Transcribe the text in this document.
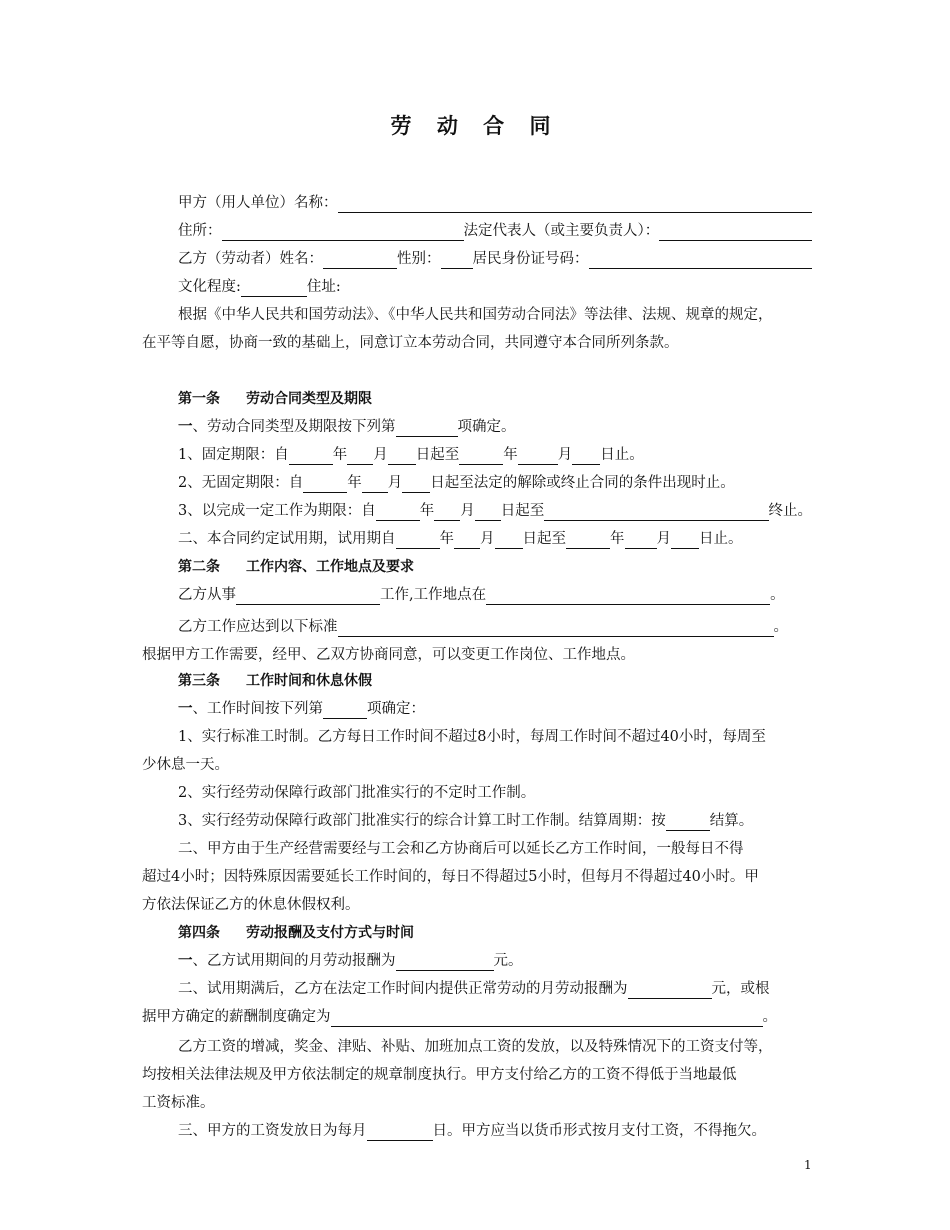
劳 动 合 同
甲方（用人单位）名称：
住所：	法定代表人（或主要负责人）：
乙方（劳动者）姓名：	性别： 居民身份证号码：
文化程度:	住址:
根据《中华人民共和国劳动法》、《中华人民共和国劳动合同法》等法律、法规、规章的规定，
在平等自愿，协商一致的基础上，同意订立本劳动合同，共同遵守本合同所列条款。
第一条 劳动合同类型及期限
一 、劳动合同类型及期限按下列第	项确定。
1、固定期限：自	年 月 日起至	年	月 日止。
2、无固定期限：自	年 月 日起至法定的解除或终止合同的条件出现时止。
3、以完成一定工作为期限：自	年 月 日起至	终止。
二、本合同约定试用期，试用期自	年 月 日起至	年 月 日止。
第二条 工作内容、工作地点及要求
乙方从事	工作,工作地点在	。
乙方工作应达到以下标准	。
根据甲方工作需要，经甲、乙双方协商同意，可以变更工作岗位、工作地点。
第三条 工作时间和休息休假
一 、工作时间按下列第	项确定：
1、实行标准工时制。乙方每日工作时间不超过8小时，每周工作时间不超过40小时，每周至
少休息一天。
2、实行经劳动保障行政部门批准实行的不定时工作制。
3、实行经劳动保障行政部门批准实行的综合计算工时工作制。结算周期：按	结算。
二、甲方由于生产经营需要经与工会和乙方协商后可以延长乙方工作时间，一般每日不得
超过4小时；因特殊原因需要延长工作时间的，每日不得超过5小时，但每月不得超过40小时。甲
方依法保证乙方的休息休假权利。
第四条 劳动报酬及支付方式与时间
一 、乙方试用期间的月劳动报酬为	元。
二、试用期满后，乙方在法定工作时间内提供正常劳动的月劳动报酬为	元，或根
据甲方确定的薪酬制度确定为	。
乙方工资的增减，奖金、津贴、补贴、加班加点工资的发放，以及特殊情况下的工资支付等，
均按相关法律法规及甲方依法制定的规章制度执行。甲方支付给乙方的工资不得低于当地最低
工资标准。
三、甲方的工资发放日为每月	日。甲方应当以货币形式按月支付工资，不得拖欠。
1
